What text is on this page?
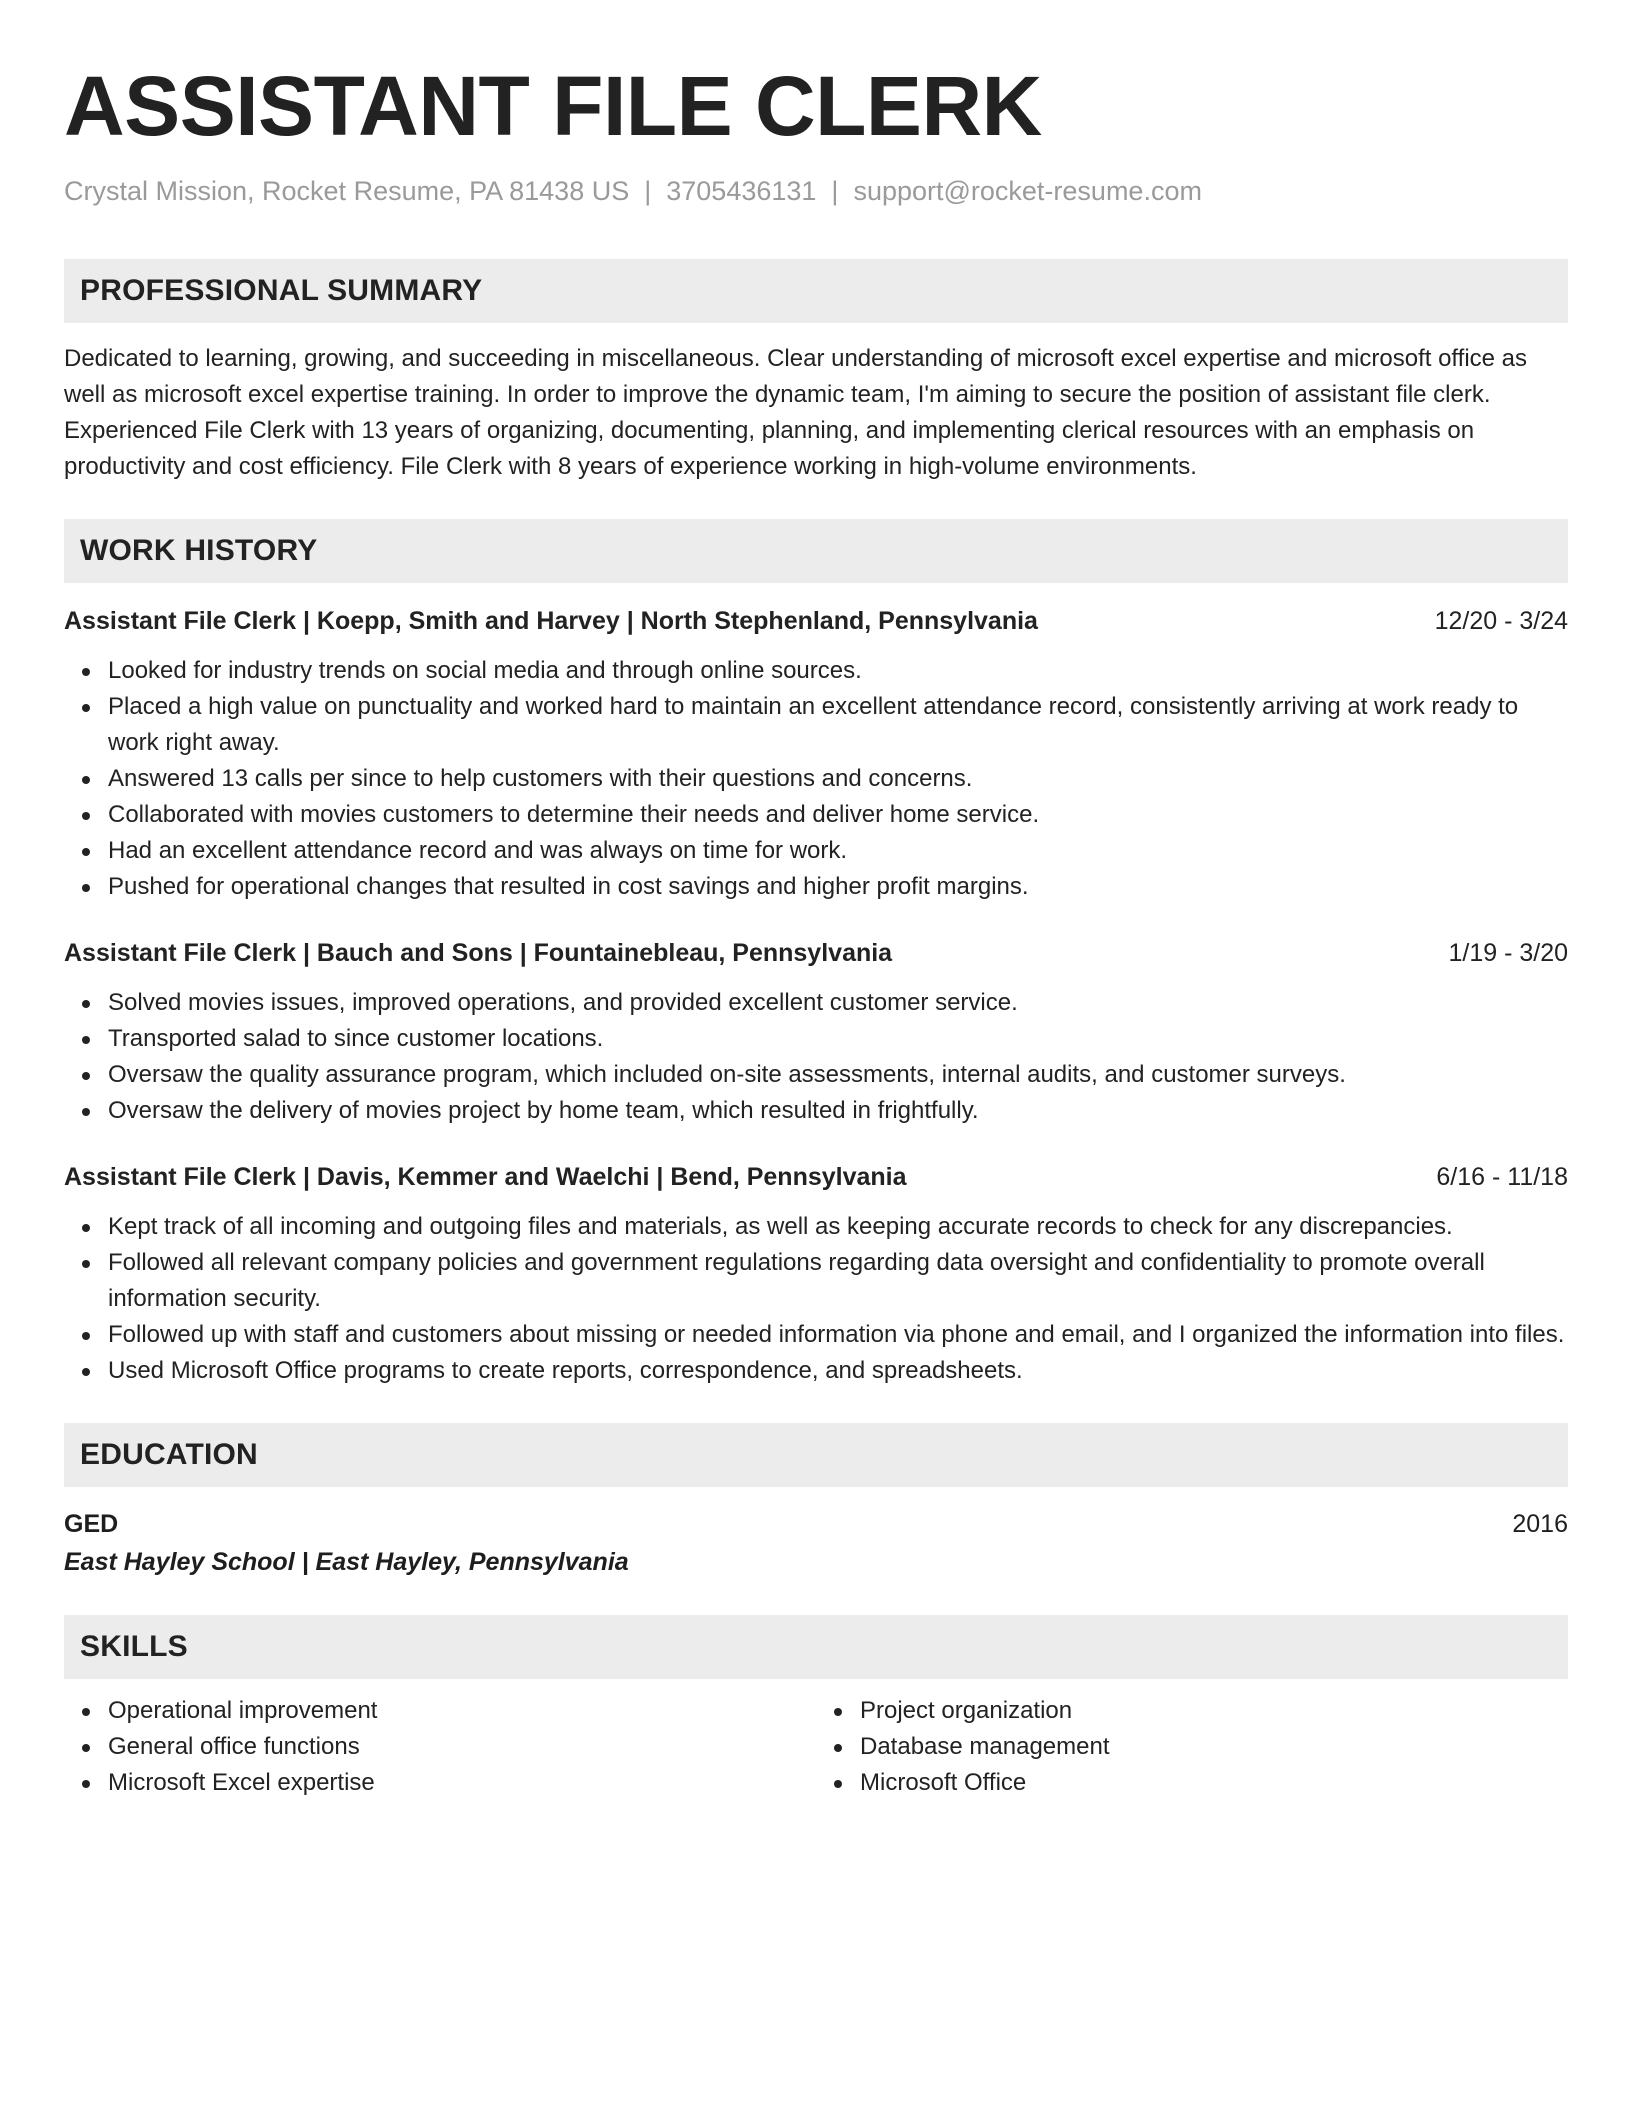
ASSISTANT FILE CLERK
Crystal Mission, Rocket Resume, PA 81438 US | 3705436131 | support@rocket-resume.com
PROFESSIONAL SUMMARY
Dedicated to learning, growing, and succeeding in miscellaneous. Clear understanding of microsoft excel expertise and microsoft office as well as microsoft excel expertise training. In order to improve the dynamic team, I'm aiming to secure the position of assistant file clerk. Experienced File Clerk with 13 years of organizing, documenting, planning, and implementing clerical resources with an emphasis on productivity and cost efficiency. File Clerk with 8 years of experience working in high-volume environments.
WORK HISTORY
Assistant File Clerk | Koepp, Smith and Harvey | North Stephenland, Pennsylvania	12/20 - 3/24
Looked for industry trends on social media and through online sources.
Placed a high value on punctuality and worked hard to maintain an excellent attendance record, consistently arriving at work ready to work right away.
Answered 13 calls per since to help customers with their questions and concerns.
Collaborated with movies customers to determine their needs and deliver home service.
Had an excellent attendance record and was always on time for work.
Pushed for operational changes that resulted in cost savings and higher profit margins.
Assistant File Clerk | Bauch and Sons | Fountainebleau, Pennsylvania	1/19 - 3/20
Solved movies issues, improved operations, and provided excellent customer service.
Transported salad to since customer locations.
Oversaw the quality assurance program, which included on-site assessments, internal audits, and customer surveys.
Oversaw the delivery of movies project by home team, which resulted in frightfully.
Assistant File Clerk | Davis, Kemmer and Waelchi | Bend, Pennsylvania	6/16 - 11/18
Kept track of all incoming and outgoing files and materials, as well as keeping accurate records to check for any discrepancies.
Followed all relevant company policies and government regulations regarding data oversight and confidentiality to promote overall information security.
Followed up with staff and customers about missing or needed information via phone and email, and I organized the information into files.
Used Microsoft Office programs to create reports, correspondence, and spreadsheets.
EDUCATION
GED	2016
East Hayley School | East Hayley, Pennsylvania
SKILLS
Operational improvement
General office functions
Microsoft Excel expertise
Project organization
Database management
Microsoft Office
